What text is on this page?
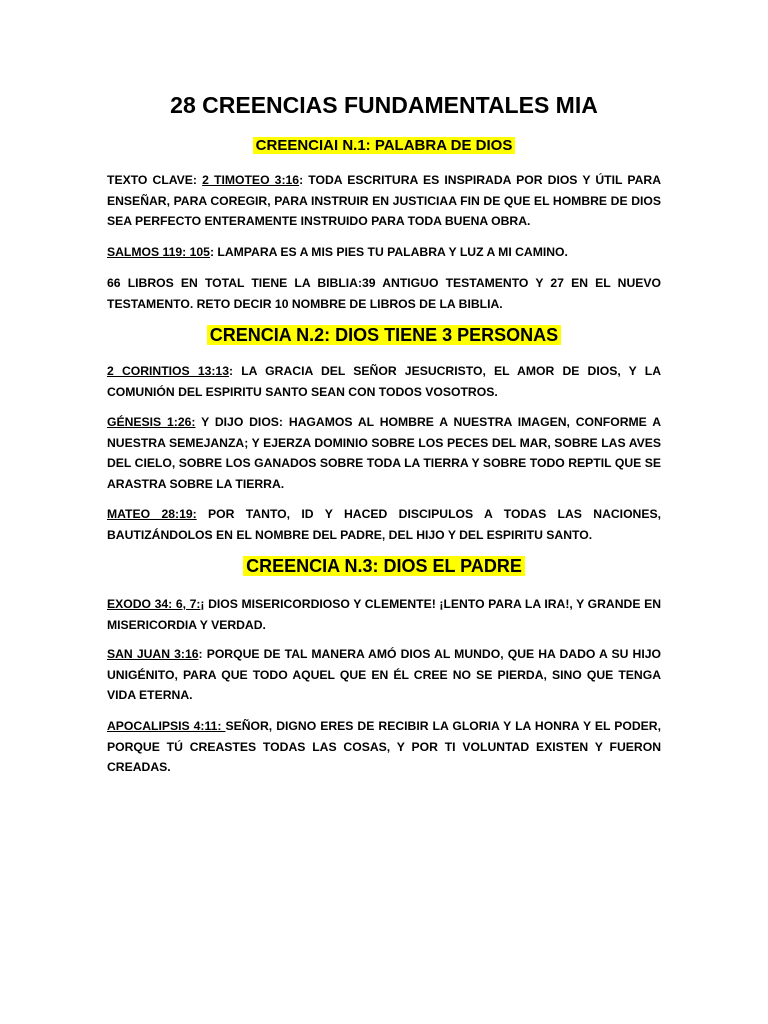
28 CREENCIAS FUNDAMENTALES MIA
CREENCIAI N.1: PALABRA DE DIOS

TEXTO CLAVE: 2 TIMOTEO 3:16: TODA ESCRITURA ES INSPIRADA POR DIOS Y ÚTIL PARA ENSEÑAR, PARA COREGIR, PARA INSTRUIR EN JUSTICIAA FIN DE QUE EL HOMBRE DE DIOS SEA PERFECTO ENTERAMENTE INSTRUIDO PARA TODA BUENA OBRA.

SALMOS 119: 105: LAMPARA ES A MIS PIES TU PALABRA Y LUZ A MI CAMINO.

66 LIBROS EN TOTAL TIENE LA BIBLIA:39 ANTIGUO TESTAMENTO Y 27 EN EL NUEVO TESTAMENTO. RETO DECIR 10 NOMBRE DE LIBROS DE LA BIBLIA.

CRENCIA N.2: DIOS TIENE 3 PERSONAS

2 CORINTIOS 13:13: LA GRACIA DEL SEÑOR JESUCRISTO, EL AMOR DE DIOS, Y LA COMUNIÓN DEL ESPIRITU SANTO SEAN CON TODOS VOSOTROS.

GÉNESIS 1:26: Y DIJO DIOS: HAGAMOS AL HOMBRE A NUESTRA IMAGEN, CONFORME A NUESTRA SEMEJANZA; Y EJERZA DOMINIO SOBRE LOS PECES DEL MAR, SOBRE LAS AVES DEL CIELO, SOBRE LOS GANADOS SOBRE TODA LA TIERRA Y SOBRE TODO REPTIL QUE SE ARASTRA SOBRE LA TIERRA.

MATEO 28:19: POR TANTO, ID Y HACED DISCIPULOS A TODAS LAS NACIONES, BAUTIZÁNDOLOS EN EL NOMBRE DEL PADRE, DEL HIJO Y DEL ESPIRITU SANTO.

CREENCIA N.3: DIOS EL PADRE

EXODO 34: 6, 7:¡ DIOS MISERICORDIOSO Y CLEMENTE! ¡LENTO PARA LA IRA!, Y GRANDE EN MISERICORDIA Y VERDAD.

SAN JUAN 3:16: PORQUE DE TAL MANERA AMÓ DIOS AL MUNDO, QUE HA DADO A SU HIJO UNIGÉNITO, PARA QUE TODO AQUEL QUE EN ÉL CREE NO SE PIERDA, SINO QUE TENGA VIDA ETERNA.

APOCALIPSIS 4:11: SEÑOR, DIGNO ERES DE RECIBIR LA GLORIA Y LA HONRA Y EL PODER, PORQUE TÚ CREASTES TODAS LAS COSAS, Y POR TI VOLUNTAD EXISTEN Y FUERON CREADAS.
